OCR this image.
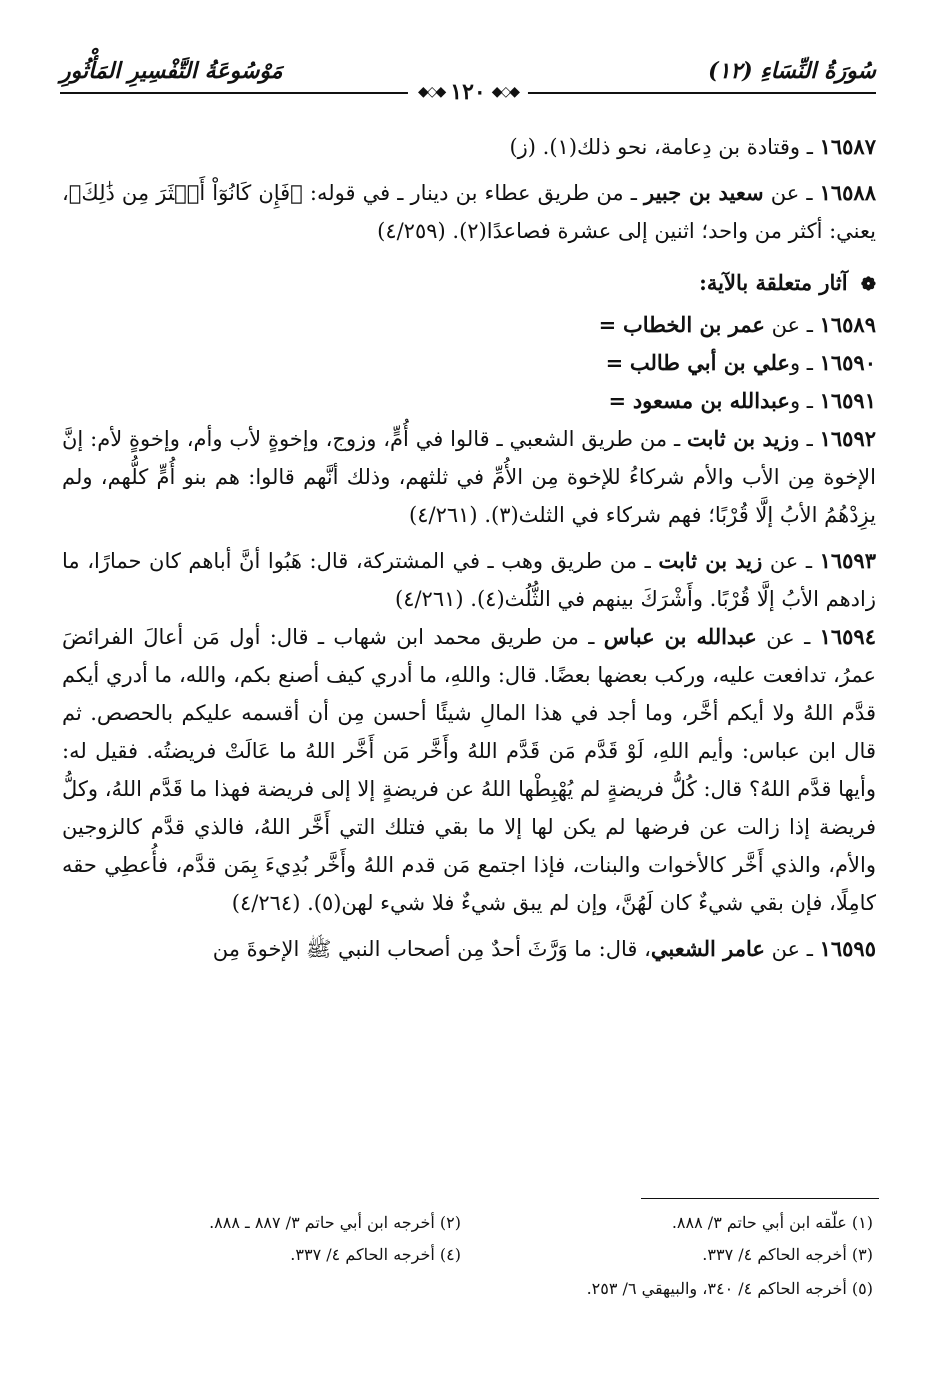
سُورَةُ النِّسَاءِ (١٢)
مَوْسُوعَةُ التَّفْسِيرِ المَأْثُورِ
◆◇◆
١٢٠
◆◇◆

١٦٥٨٧ ـ وقتادة بن دِعامة، نحو ذلك(١). (ز)

١٦٥٨٨ ـ عن سعيد بن جبير ـ من طريق عطاء بن دينار ـ في قوله: ﴿فَإِن كَانُوٓاْ أَكۡثَرَ مِن ذَٰلِكَ﴾، يعني: أكثر من واحد؛ اثنين إلى عشرة فصاعدًا(٢). (٤/٢٥٩)

❁ آثار متعلقة بالآية:

١٦٥٨٩ ـ عن عمر بن الخطاب =

١٦٥٩٠ ـ وعلي بن أبي طالب =

١٦٥٩١ ـ وعبدالله بن مسعود =

١٦٥٩٢ ـ وزيد بن ثابت ـ من طريق الشعبي ـ قالوا في أُمٍّ، وزوج، وإخوةٍ لأب وأم، وإخوةٍ لأم: إنَّ الإخوة مِن الأب والأم شركاءُ للإخوة مِن الأُمِّ في ثلثهم، وذلك أنَّهم قالوا: هم بنو أُمٍّ كلُّهم، ولم يزِدْهُمُ الأبُ إلَّا قُرْبًا؛ فهم شركاء في الثلث(٣). (٤/٢٦١)

١٦٥٩٣ ـ عن زيد بن ثابت ـ من طريق وهب ـ في المشتركة، قال: هَبُوا أنَّ أباهم كان حمارًا، ما زادهم الأبُ إلَّا قُرْبًا. وأَشْرَكَ بينهم في الثُّلُث(٤). (٤/٢٦١)

١٦٥٩٤ ـ عن عبدالله بن عباس ـ من طريق محمد ابن شهاب ـ قال: أول مَن أعالَ الفرائضَ عمرُ، تدافعت عليه، وركب بعضها بعضًا. قال: واللهِ، ما أدري كيف أصنع بكم، والله، ما أدري أيكم قدَّم اللهُ ولا أيكم أخَّر، وما أجد في هذا المالِ شيئًا أحسن مِن أن أقسمه عليكم بالحصص. ثم قال ابن عباس: وأيم اللهِ، لَوْ قَدَّم مَن قَدَّم اللهُ وأَخَّر مَن أَخَّر اللهُ ما عَالَتْ فريضتُه. فقيل له: وأيها قدَّم اللهُ؟ قال: كُلُّ فريضةٍ لم يُهْبِطْها اللهُ عن فريضةٍ إلا إلى فريضة فهذا ما قَدَّم اللهُ، وكلُّ فريضة إذا زالت عن فرضها لم يكن لها إلا ما بقي فتلك التي أَخَّر اللهُ، فالذي قدَّم كالزوجين والأم، والذي أَخَّر كالأخوات والبنات، فإذا اجتمع مَن قدم اللهُ وأَخَّر بُدِيءَ بِمَن قدَّم، فأُعطِي حقه كامِلًا، فإن بقي شيءٌ كان لَهُنَّ، وإن لم يبق شيءٌ فلا شيء لهن(٥). (٤/٢٦٤)

١٦٥٩٥ ـ عن عامر الشعبي، قال: ما وَرَّثَ أحدٌ مِن أصحاب النبي ﷺ الإخوةَ مِن

(١) علّقه ابن أبي حاتم ٣/ ٨٨٨.
(٢) أخرجه ابن أبي حاتم ٣/ ٨٨٧ ـ ٨٨٨.
(٣) أخرجه الحاكم ٤/ ٣٣٧.
(٤) أخرجه الحاكم ٤/ ٣٣٧.
(٥) أخرجه الحاكم ٤/ ٣٤٠، والبيهقي ٦/ ٢٥٣.
